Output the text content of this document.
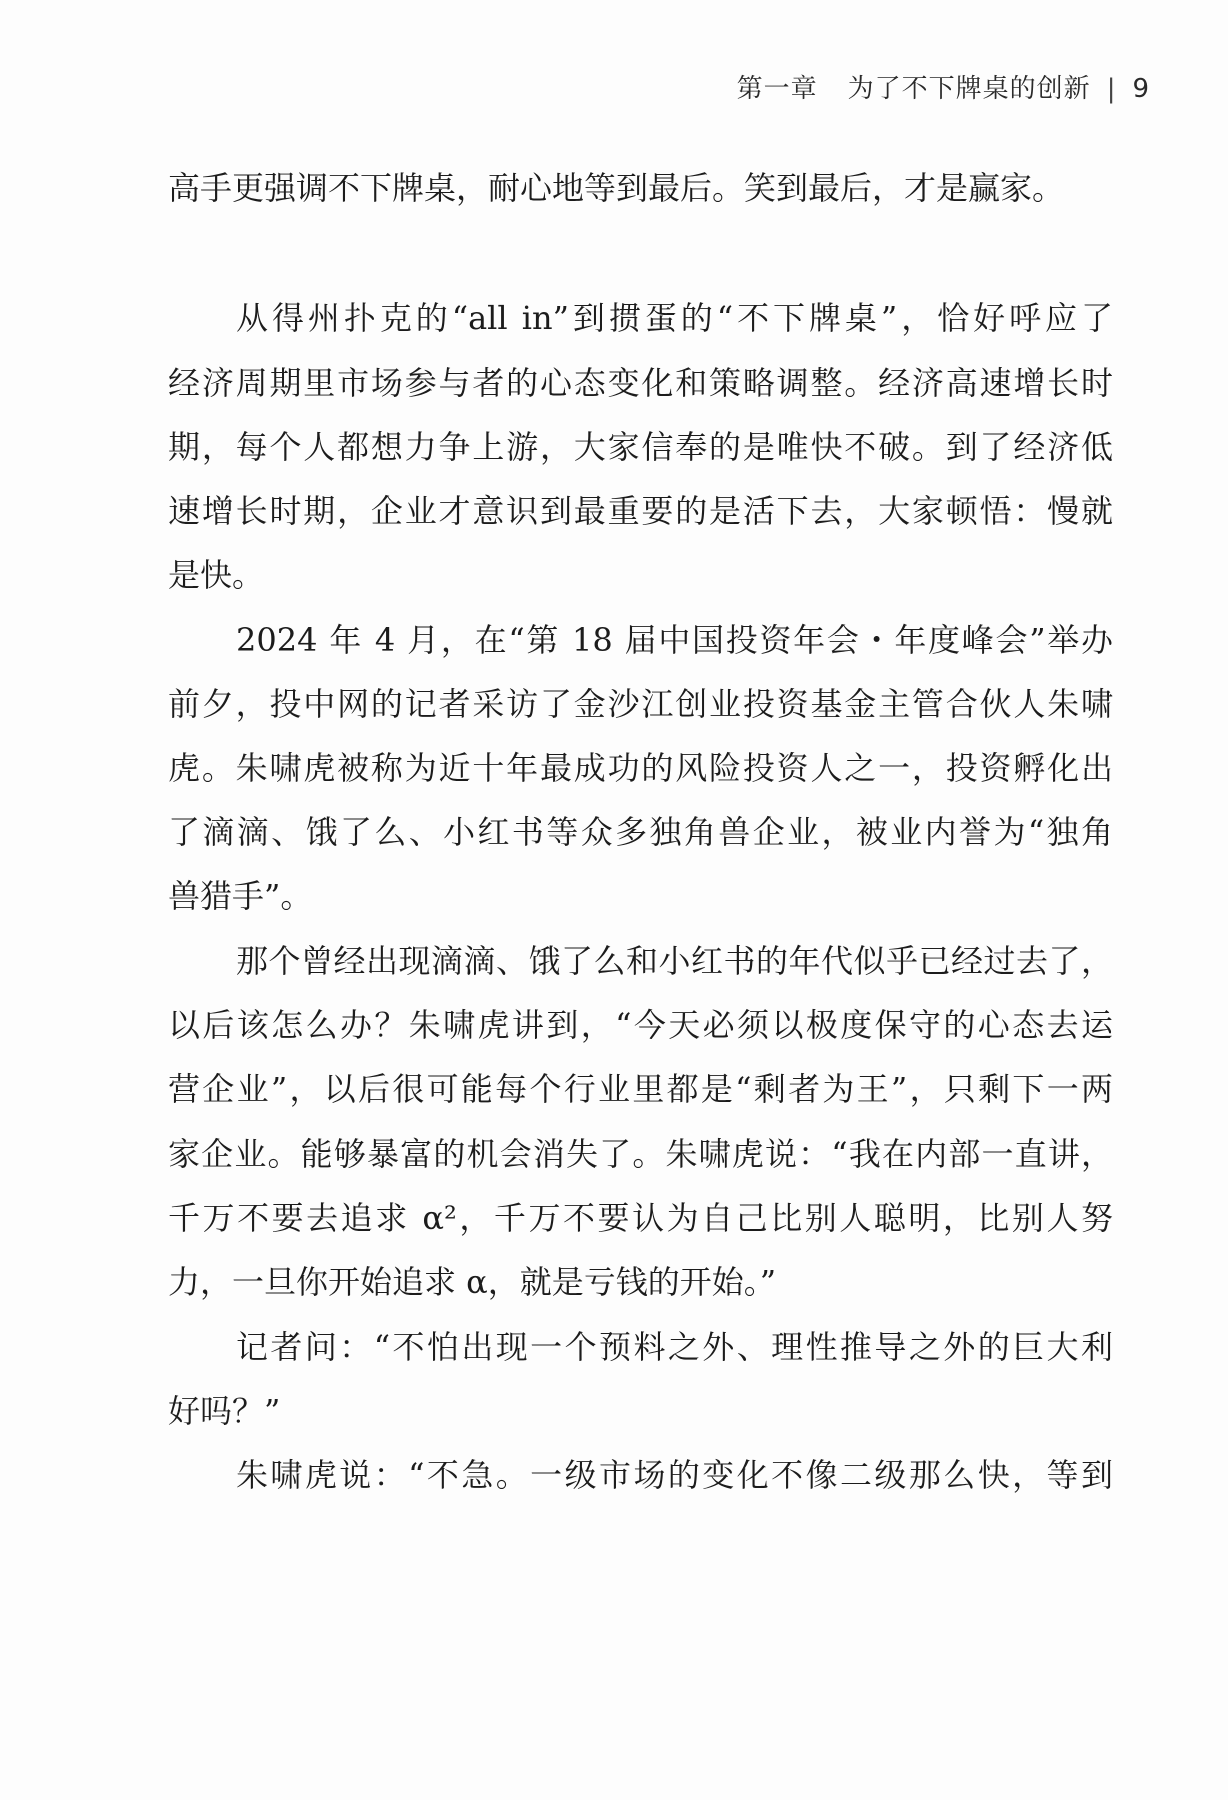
第一章 为了不下牌桌的创新 | 9
高手更强调不下牌桌，耐心地等到最后。笑到最后，才是赢家。
从得州扑克的“all in”到掼蛋的“不下牌桌”，恰好呼应了
经济周期里市场参与者的心态变化和策略调整。经济高速增长时
期，每个人都想力争上游，大家信奉的是唯快不破。到了经济低
速增长时期，企业才意识到最重要的是活下去，大家顿悟：慢就
是快。
2024 年 4 月，在“第 18 届中国投资年会・年度峰会”举办
前夕，投中网的记者采访了金沙江创业投资基金主管合伙人朱啸
虎。朱啸虎被称为近十年最成功的风险投资人之一，投资孵化出
了滴滴、饿了么、小红书等众多独角兽企业，被业内誉为“独角
兽猎手”。
那个曾经出现滴滴、饿了么和小红书的年代似乎已经过去了，
以后该怎么办？朱啸虎讲到，“今天必须以极度保守的心态去运
营企业”，以后很可能每个行业里都是“剩者为王”，只剩下一两
家企业。能够暴富的机会消失了。朱啸虎说：“我在内部一直讲，
千万不要去追求 α²，千万不要认为自己比别人聪明，比别人努
力，一旦你开始追求 α，就是亏钱的开始。”
记者问：“不怕出现一个预料之外、理性推导之外的巨大利
好吗？”
朱啸虎说：“不急。一级市场的变化不像二级那么快，等到
